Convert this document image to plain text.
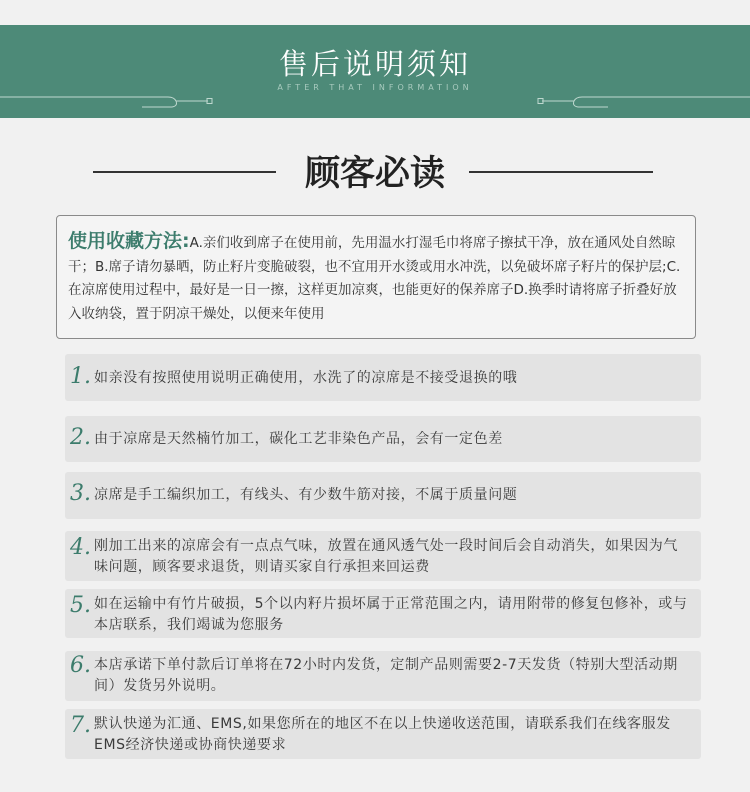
售后说明须知
AFTER THAT INFORMATION
顾客必读
使用收藏方法:A.亲们收到席子在使用前，先用温水打湿毛巾将席子擦拭干净，放在通风处自然晾干；B.席子请勿暴晒，防止籽片变脆破裂，也不宜用开水烫或用水冲洗，以免破坏席子籽片的保护层;C.在凉席使用过程中，最好是一日一擦，这样更加凉爽，也能更好的保养席子D.换季时请将席子折叠好放入收纳袋，置于阴凉干燥处，以便来年使用
1. 如亲没有按照使用说明正确使用，水洗了的凉席是不接受退换的哦
2. 由于凉席是天然楠竹加工，碳化工艺非染色产品，会有一定色差
3. 凉席是手工编织加工，有线头、有少数牛筋对接，不属于质量问题
4. 刚加工出来的凉席会有一点点气味，放置在通风透气处一段时间后会自动消失，如果因为气味问题，顾客要求退货，则请买家自行承担来回运费
5. 如在运输中有竹片破损，5个以内籽片损坏属于正常范围之内，请用附带的修复包修补，或与本店联系，我们竭诚为您服务
6. 本店承诺下单付款后订单将在72小时内发货，定制产品则需要2-7天发货（特别大型活动期间）发货另外说明。
7. 默认快递为汇通、EMS,如果您所在的地区不在以上快递收送范围，请联系我们在线客服发EMS经济快递或协商快递要求
